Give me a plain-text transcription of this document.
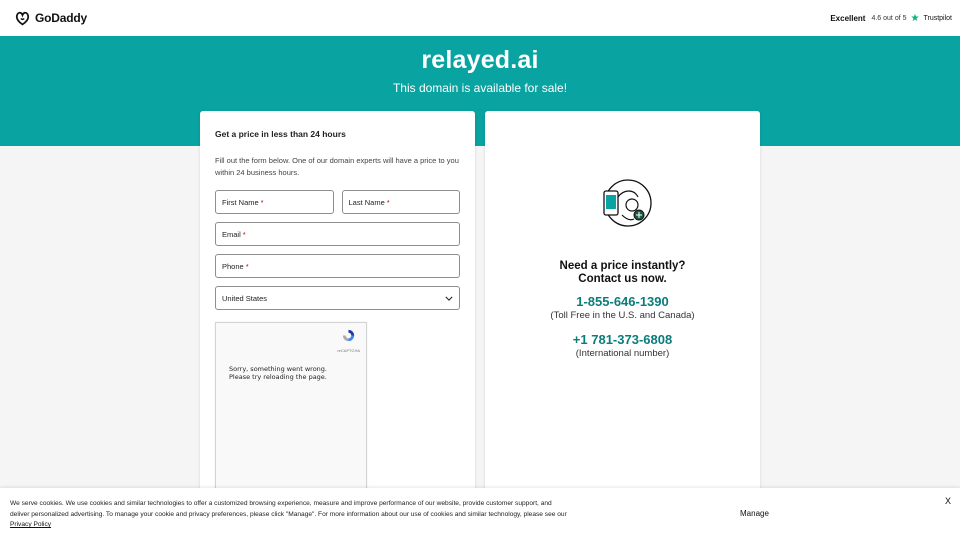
GoDaddy	Excellent 4.6 out of 5 ★ Trustpilot
relayed.ai

This domain is available for sale!

Get a price in less than 24 hours
Fill out the form below. One of our domain experts will have a price to you within 24 business hours.
First Name *	Last Name *
Email *
Phone *
United States
reCAPTCHA
Sorry, something went wrong.
Please try reloading the page.
Need a price instantly?
Contact us now.
1-855-646-1390
(Toll Free in the U.S. and Canada)
+1 781-373-6808
(International number)
We serve cookies. We use cookies and similar technologies to offer a customized browsing experience, measure and improve performance of our website, provide customer support, and deliver personalized advertising. To manage your cookie and privacy preferences, please click "Manage". For more information about our use of cookies and similar technology, please see our Privacy Policy
Manage
X
